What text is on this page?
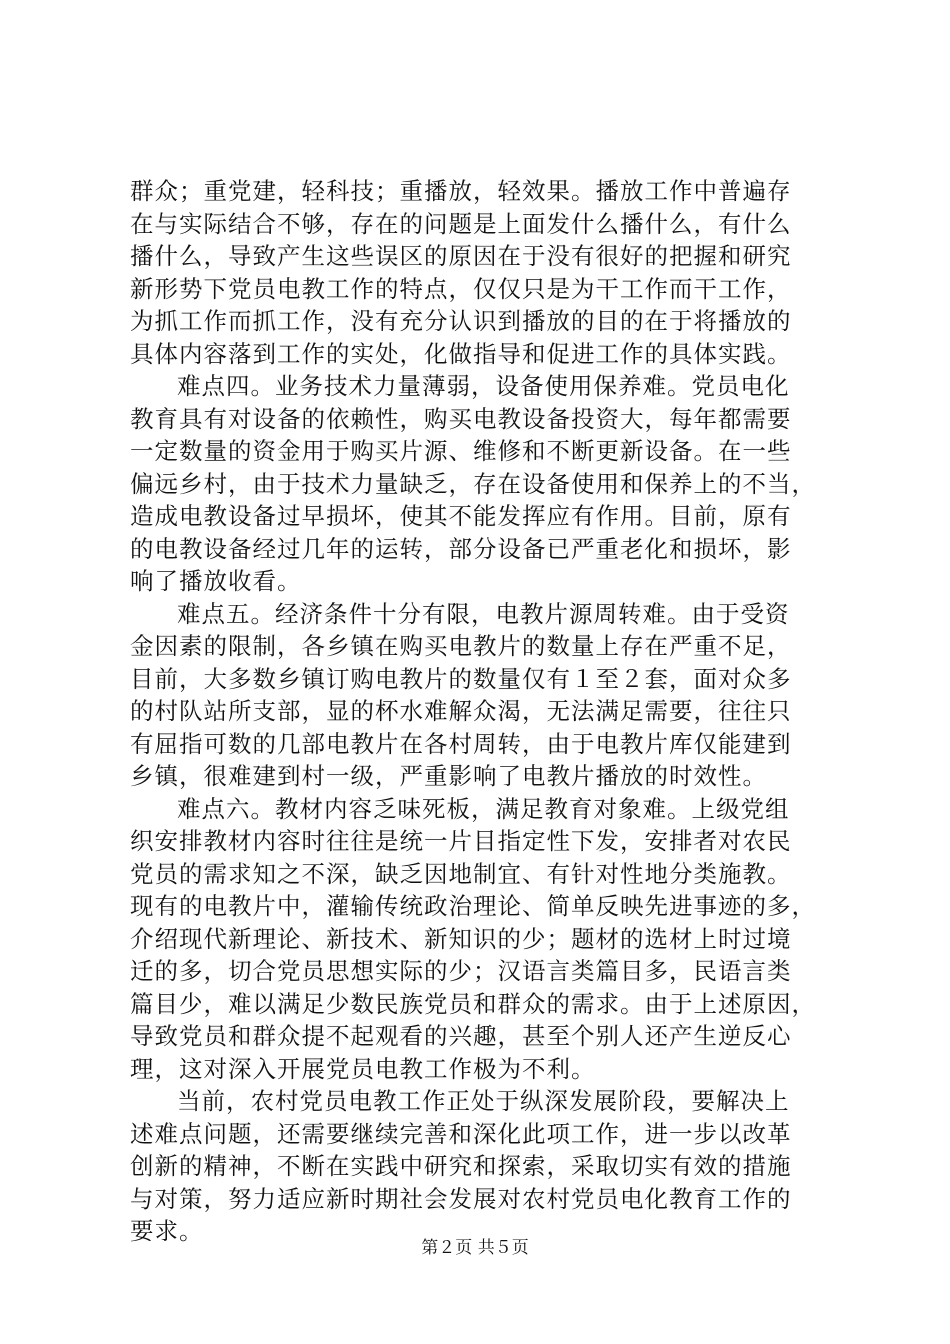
群众；重党建，轻科技；重播放，轻效果。播放工作中普遍存
在与实际结合不够，存在的问题是上面发什么播什么，有什么
播什么，导致产生这些误区的原因在于没有很好的把握和研究
新形势下党员电教工作的特点，仅仅只是为干工作而干工作，
为抓工作而抓工作，没有充分认识到播放的目的在于将播放的
具体内容落到工作的实处，化做指导和促进工作的具体实践。
难点四。业务技术力量薄弱，设备使用保养难。党员电化
教育具有对设备的依赖性，购买电教设备投资大，每年都需要
一定数量的资金用于购买片源、维修和不断更新设备。在一些
偏远乡村，由于技术力量缺乏，存在设备使用和保养上的不当，
造成电教设备过早损坏，使其不能发挥应有作用。目前，原有
的电教设备经过几年的运转，部分设备已严重老化和损坏，影
响了播放收看。
难点五。经济条件十分有限，电教片源周转难。由于受资
金因素的限制，各乡镇在购买电教片的数量上存在严重不足，
目前，大多数乡镇订购电教片的数量仅有１至２套，面对众多
的村队站所支部，显的杯水难解众渴，无法满足需要，往往只
有屈指可数的几部电教片在各村周转，由于电教片库仅能建到
乡镇，很难建到村一级，严重影响了电教片播放的时效性。
难点六。教材内容乏味死板，满足教育对象难。上级党组
织安排教材内容时往往是统一片目指定性下发，安排者对农民
党员的需求知之不深，缺乏因地制宜、有针对性地分类施教。
现有的电教片中，灌输传统政治理论、简单反映先进事迹的多，
介绍现代新理论、新技术、新知识的少；题材的选材上时过境
迁的多，切合党员思想实际的少；汉语言类篇目多，民语言类
篇目少，难以满足少数民族党员和群众的需求。由于上述原因，
导致党员和群众提不起观看的兴趣，甚至个别人还产生逆反心
理，这对深入开展党员电教工作极为不利。
当前，农村党员电教工作正处于纵深发展阶段，要解决上
述难点问题，还需要继续完善和深化此项工作，进一步以改革
创新的精神，不断在实践中研究和探索，采取切实有效的措施
与对策，努力适应新时期社会发展对农村党员电化教育工作的
要求。
第２页 共５页
